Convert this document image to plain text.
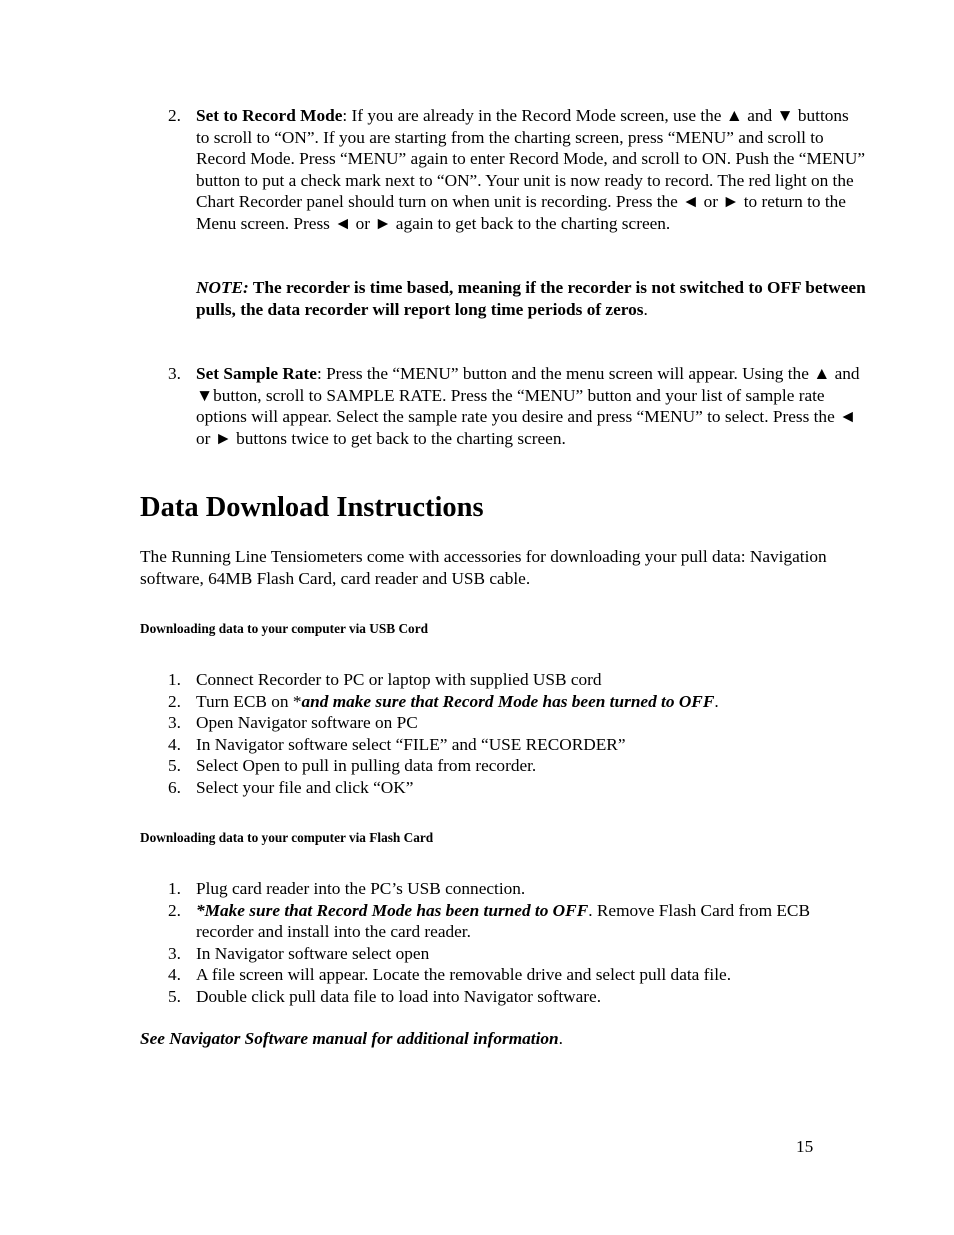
2. Set to Record Mode: If you are already in the Record Mode screen, use the ▲ and ▼ buttons to scroll to “ON”. If you are starting from the charting screen, press “MENU” and scroll to Record Mode. Press “MENU” again to enter Record Mode, and scroll to ON. Push the “MENU” button to put a check mark next to “ON”. Your unit is now ready to record. The red light on the Chart Recorder panel should turn on when unit is recording. Press the ◄ or ► to return to the Menu screen. Press ◄ or ► again to get back to the charting screen.
NOTE: The recorder is time based, meaning if the recorder is not switched to OFF between pulls, the data recorder will report long time periods of zeros.
3. Set Sample Rate: Press the “MENU” button and the menu screen will appear. Using the ▲ and ▼button, scroll to SAMPLE RATE. Press the “MENU” button and your list of sample rate options will appear. Select the sample rate you desire and press “MENU” to select. Press the ◄ or ► buttons twice to get back to the charting screen.
Data Download Instructions
The Running Line Tensiometers come with accessories for downloading your pull data: Navigation software, 64MB Flash Card, card reader and USB cable.
Downloading data to your computer via USB Cord
1. Connect Recorder to PC or laptop with supplied USB cord
2. Turn ECB on *and make sure that Record Mode has been turned to OFF.
3. Open Navigator software on PC
4. In Navigator software select “FILE” and “USE RECORDER”
5. Select Open to pull in pulling data from recorder.
6. Select your file and click “OK”
Downloading data to your computer via Flash Card
1. Plug card reader into the PC’s USB connection.
2. *Make sure that Record Mode has been turned to OFF. Remove Flash Card from ECB recorder and install into the card reader.
3. In Navigator software select open
4. A file screen will appear. Locate the removable drive and select pull data file.
5. Double click pull data file to load into Navigator software.
See Navigator Software manual for additional information.
15
